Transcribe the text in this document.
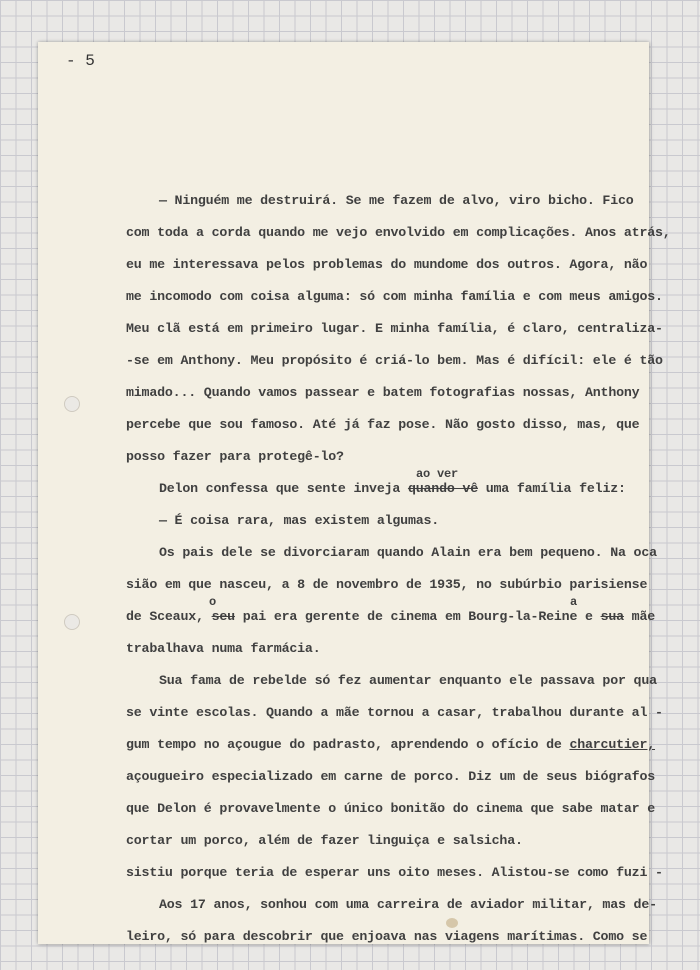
- 5
— Ninguém me destruirá. Se me fazem de alvo, viro bicho. Fico
com toda a corda quando me vejo envolvido em complicações. Anos atrás,
eu me interessava pelos problemas do mundome dos outros. Agora, não
me incomodo com coisa alguma: só com minha família e com meus amigos.
Meu clã está em primeiro lugar. E minha família, é claro, centraliza-
-se em Anthony. Meu propósito é criá-lo bem. Mas é difícil: ele é tão
mimado... Quando vamos passear e batem fotografias nossas, Anthony
percebe que sou famoso. Até já faz pose. Não gosto disso, mas, que
posso fazer para protegê-lo?
ao ver
Delon confessa que sente inveja quando vê uma família feliz:
— É coisa rara, mas existem algumas.
Os pais dele se divorciaram quando Alain era bem pequeno. Na oca
sião em que nasceu, a 8 de novembro de 1935, no subúrbio parisiense
o	a
de Sceaux, seu pai era gerente de cinema em Bourg-la-Reine e sua mãe
trabalhava numa farmácia.
Sua fama de rebelde só fez aumentar enquanto ele passava por qua
se vinte escolas. Quando a mãe tornou a casar, trabalhou durante al -
gum tempo no açougue do padrasto, aprendendo o ofício de charcutier,
açougueiro especializado em carne de porco. Diz um de seus biógrafos
que Delon é provavelmente o único bonitão do cinema que sabe matar e
cortar um porco, além de fazer linguiça e salsicha.
Aos 17 anos, sonhou com uma carreira de aviador militar, mas de-
sistiu porque teria de esperar uns oito meses. Alistou-se como fuzi -
leiro, só para descobrir que enjoava nas viagens marítimas. Como se
